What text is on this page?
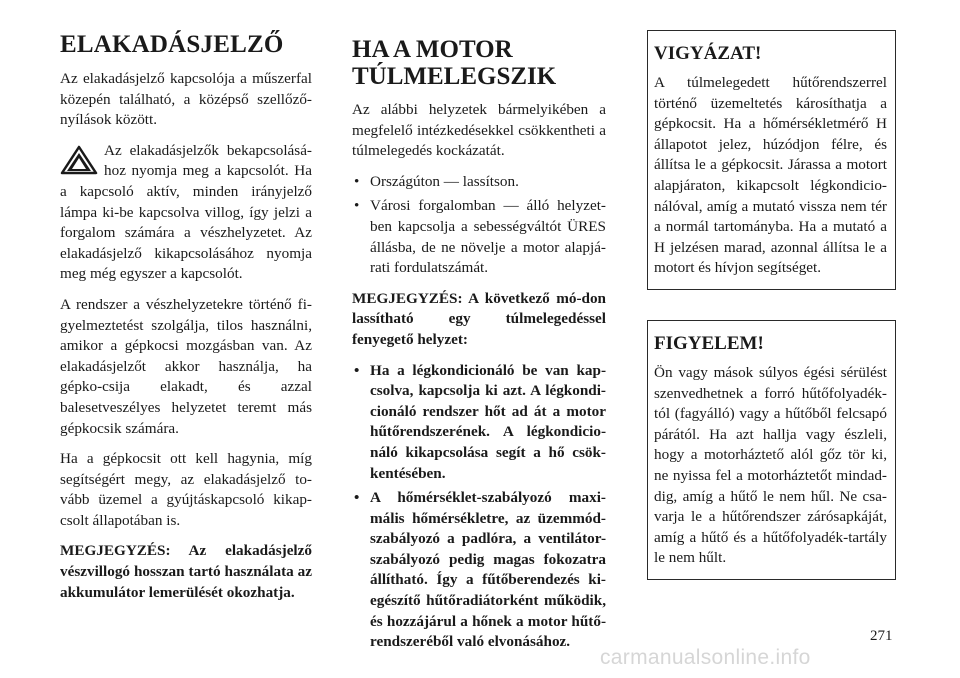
ELAKADÁSJELZŐ

Az elakadásjelző kapcsolója a műszerfal közepén található, a középső szellőző-nyílások között.

Az elakadásjelzők bekapcsolásá-hoz nyomja meg a kapcsolót. Ha a kapcsoló aktív, minden irányjelző lámpa ki-be kapcsolva villog, így jelzi a forgalom számára a vészhelyzetet. Az elakadásjelző kikapcsolásához nyomja meg még egyszer a kapcsolót.

A rendszer a vészhelyzetekre történő fi-gyelmeztetést szolgálja, tilos használni, amikor a gépkocsi mozgásban van. Az elakadásjelzőt akkor használja, ha gépko-csija elakadt, és azzal balesetveszélyes helyzetet teremt más gépkocsik számára.

Ha a gépkocsit ott kell hagynia, míg segítségért megy, az elakadásjelző to-vább üzemel a gyújtáskapcsoló kikap-csolt állapotában is.

MEGJEGYZÉS: Az elakadásjelző vészvillogó hosszan tartó használata az akkumulátor lemerülését okozhatja.

HA A MOTOR TÚLMELEGSZIK

Az alábbi helyzetek bármelyikében a megfelelő intézkedésekkel csökkentheti a túlmelegedés kockázatát.

• Országúton — lassítson.
• Városi forgalomban — álló helyzet-ben kapcsolja a sebességváltót ÜRES állásba, de ne növelje a motor alapjá-rati fordulatszámát.

MEGJEGYZÉS: A következő mó-don lassítható egy túlmelegedéssel fenyegető helyzet:

• Ha a légkondicionáló be van kap-csolva, kapcsolja ki azt. A légkondi-cionáló rendszer hőt ad át a motor hűtőrendszerének. A légkondicio-náló kikapcsolása segít a hő csök-kentésében.
• A hőmérséklet-szabályozó maxi-mális hőmérsékletre, az üzemmód-szabályozó a padlóra, a ventilátor-szabályozó pedig magas fokozatra állítható. Így a fűtőberendezés ki-egészítő hűtőradiátorként működik, és hozzájárul a hőnek a motor hűtő-rendszeréből való elvonásához.
VIGYÁZAT!

A túlmelegedett hűtőrendszerrel történő üzemeltetés károsíthatja a gépkocsit. Ha a hőmérsékletmérő H állapotot jelez, húzódjon félre, és állítsa le a gépkocsit. Járassa a motort alapjáraton, kikapcsolt légkondicio-nálóval, amíg a mutató vissza nem tér a normál tartományba. Ha a mutató a H jelzésen marad, azonnal állítsa le a motort és hívjon segítséget.

FIGYELEM!

Ön vagy mások súlyos égési sérülést szenvedhetnek a forró hűtőfolyadék-tól (fagyálló) vagy a hűtőből felcsapó párától. Ha azt hallja vagy észleli, hogy a motorháztető alól gőz tör ki, ne nyissa fel a motorháztetőt mindad-dig, amíg a hűtő le nem hűl. Ne csa-varja le a hűtőrendszer zárósapkáját, amíg a hűtő és a hűtőfolyadék-tartály le nem hűlt.

271
carmanualsonline.info
